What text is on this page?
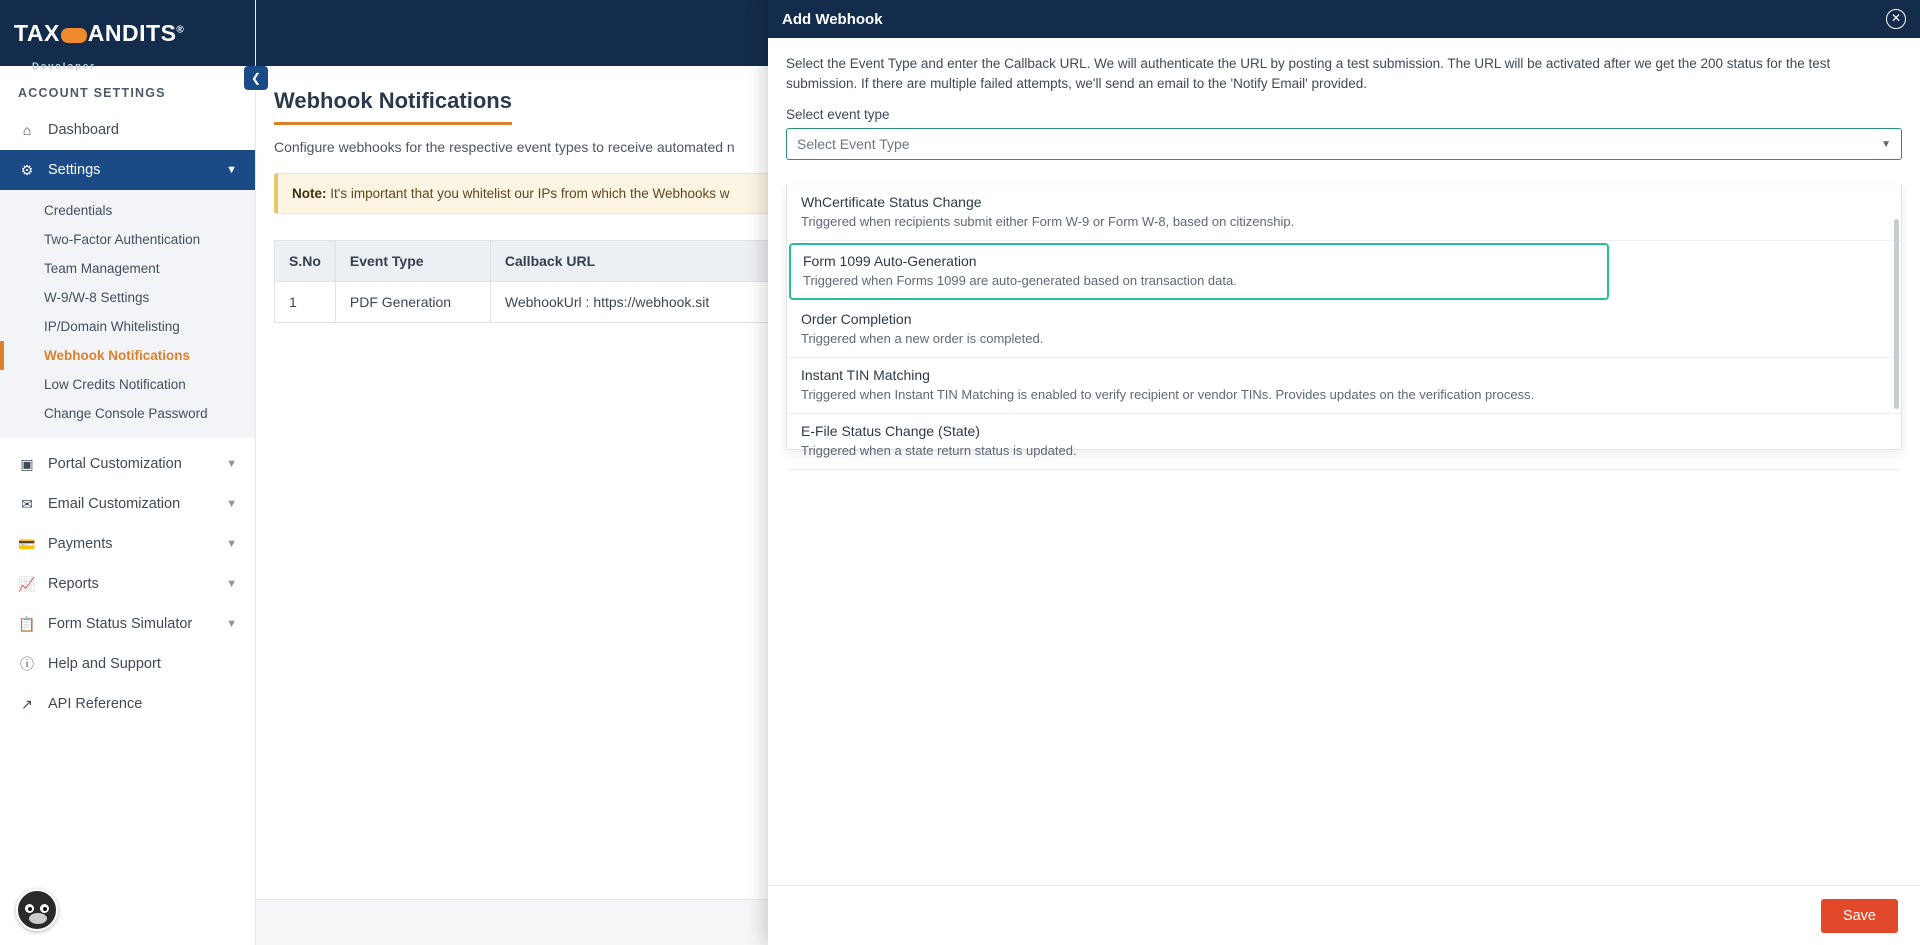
TAX ANDITS®
Developer
ACCOUNT SETTINGS
⌂	Dashboard
⚙ Settings	▼
Credentials
Two-Factor Authentication
Team Management
W-9/W-8 Settings
IP/Domain Whitelisting
Webhook Notifications
Low Credits Notification
Change Console Password
▣ Portal Customization	▼
✉ Email Customization	▼
💳 Payments	▼
📈 Reports	▼
📋 Form Status Simulator	▼
ⓘ Help and Support
↗ API Reference
❮
Webhook Notifications
Configure webhooks for the respective event types to receive automated n
Note: It's important that you whitelist our IPs from which the Webhooks w
S.No	Event Type	Callback URL
1	PDF Generation	WebhookUrl : https://webhook.sit
Add Webhook	✕
Select the Event Type and enter the Callback URL. We will authenticate the URL by posting a test submission. The URL will be activated after we get the 200 status for the test submission. If there are multiple failed attempts, we'll send an email to the 'Notify Email' provided.
Select event type
Select Event Type	▼
WhCertificate Status Change
Triggered when recipients submit either Form W-9 or Form W-8, based on citizenship.
Form 1099 Auto-Generation
Triggered when Forms 1099 are auto-generated based on transaction data.
Order Completion
Triggered when a new order is completed.
Instant TIN Matching
Triggered when Instant TIN Matching is enabled to verify recipient or vendor TINs. Provides updates on the verification process.
E-File Status Change (State)
Triggered when a state return status is updated.
Save
